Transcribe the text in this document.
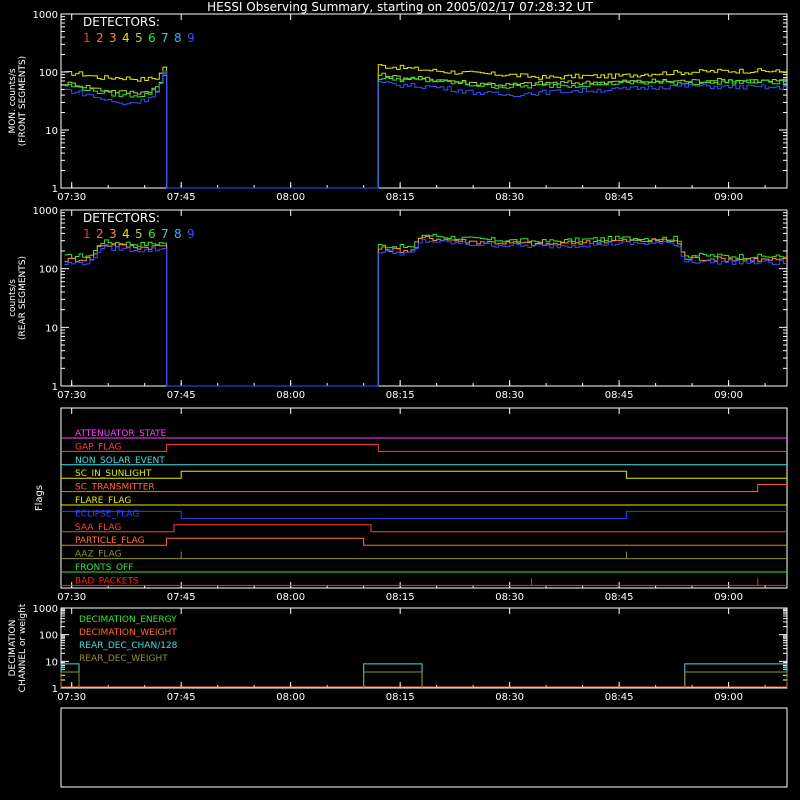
HESSI Observing Summary, starting on 2005/02/17 07:28:32 UT
07:30	07:45	08:00	08:15	08:30	08:45	09:00
1
10
100
1000
MON. counts/s (FRONT SEGMENTS)
DETECTORS:
1 2 3 4 5 6 7 8 9
07:30	07:45	08:00	08:15	08:30	08:45	09:00
1
10
100
1000
counts/s (REAR SEGMENTS)
DETECTORS:
1 2 3 4 5 6 7 8 9
07:30	07:45	08:00	08:15	08:30	08:45	09:00
Flags
ATTENUATOR_STATE
GAP_FLAG
NON_SOLAR_EVENT
SC_IN_SUNLIGHT
SC_TRANSMITTER
FLARE_FLAG
ECLIPSE_FLAG
SAA_FLAG
PARTICLE_FLAG
AAZ_FLAG
FRONTS_OFF
BAD_PACKETS
07:30	07:45	08:00	08:15	08:30	08:45	09:00
1
10
100
1000
DECIMATION CHANNEL or weight	DECIMATION_ENERGY
DECIMATION_WEIGHT
REAR_DEC_CHAN/128
REAR_DEC_WEIGHT
